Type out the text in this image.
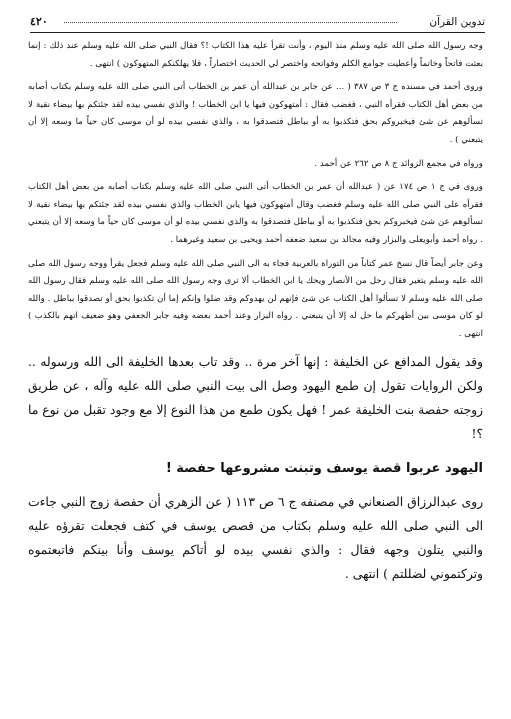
تدوين القرآن
٤٢٠

وجه رسول الله صلى الله عليه وسلم منذ اليوم ، وأنت تقرأ عليه هذا الكتاب !؟ فقال النبي صلى الله عليه وسلم عند ذلك : إنما بعثت فاتحاً وخاتماً وأعطيت جوامع الكلم وفواتحه واختصر لي الحديث اختصاراً ، فلا يهلكنكم المتهوكون ) انتهى .

وروى أحمد في مسنده ج ٣ ص ٣٨٧ ( ... عن جابر بن عبدالله أن عمر بن الخطاب أتى النبي صلى الله عليه وسلم بكتاب أصابه من بعض أهل الكتاب فقرأه النبي ، فغضب فقال : أمتهوكون فيها يا ابن الخطاب ! والذي نفسي بيده لقد جئتكم بها بيضاء نقية لا تسألوهم عن شئ فيخبروكم بحق فتكذبوا به أو بباطل فتصدقوا به ، والذي نفسي بيده لو أن موسى كان حياً ما وسعه إلا أن يتبعني ) .

ورواه في مجمع الزوائد ج ٨ ص ٢٦٢ عن أحمد .

وروى في ج ١ ص ١٧٤ عن ( عبدالله أن عمر بن الخطاب أتى النبي صلى الله عليه وسلم بكتاب أصابه من بعض أهل الكتاب فقرأه على النبي صلى الله عليه وسلم فغضب وقال أمتهوكون فيها يابن الخطاب والذي نفسي بيده لقد جئتكم بها بيضاء نقية لا تسألوهم عن شئ فيخبروكم بحق فتكذبوا به أو بباطل فتصدقوا به والذي نفسي بيده لو أن موسى كان حياً ما وسعه إلا أن يتبعني . رواه أحمد وأبويعلى والبزار وفيه مجالد بن سعيد ضعفه أحمد ويحيى بن سعيد وغيرهما .

وعن جابر أيضاً قال نسخ عمر كتاباً من التوراة بالعربية فجاء به الى النبي صلى الله عليه وسلم فجعل يقرأ ووجه رسول الله صلى الله عليه وسلم يتغير فقال رجل من الأنصار ويحك يا ابن الخطاب ألا ترى وجه رسول الله صلى الله عليه وسلم فقال رسول الله صلى الله عليه وسلم لا تسألوا أهل الكتاب عن شئ فإنهم لن يهدوكم وقد ضلوا وإنكم إما أن تكذبوا بحق أو تصدقوا بباطل . والله لو كان موسى بين أظهركم ما حل له إلا أن يتبعني . رواه البزار وعند أحمد بعضه وفيه جابر الجعفي وهو ضعيف اتهم بالكذب ) انتهى .

وقد يقول المدافع عن الخليفة : إنها آخر مرة .. وقد تاب بعدها الخليفة الى الله ورسوله .. ولكن الروايات تقول إن طمع اليهود وصل الى بيت النبي صلى الله عليه وآله ، عن طريق زوجته حفصة بنت الخليفة عمر ! فهل يكون طمع من هذا النوع إلا مع وجود تقبل من نوع ما ؟!

اليهود عربوا قصة يوسف وتبنت مشروعها حفصة !

روى عبدالرزاق الصنعاني في مصنفه ج ٦ ص ١١٣ ( عن الزهري أن حفصة زوج النبي جاءت الى النبي صلى الله عليه وسلم بكتاب من قصص يوسف في كتف فجعلت تقرؤه عليه والنبي يتلون وجهه فقال : والذي نفسي بيده لو أتاكم يوسف وأنا بينكم فاتبعتموه وتركتموني لضللتم ) انتهى .
